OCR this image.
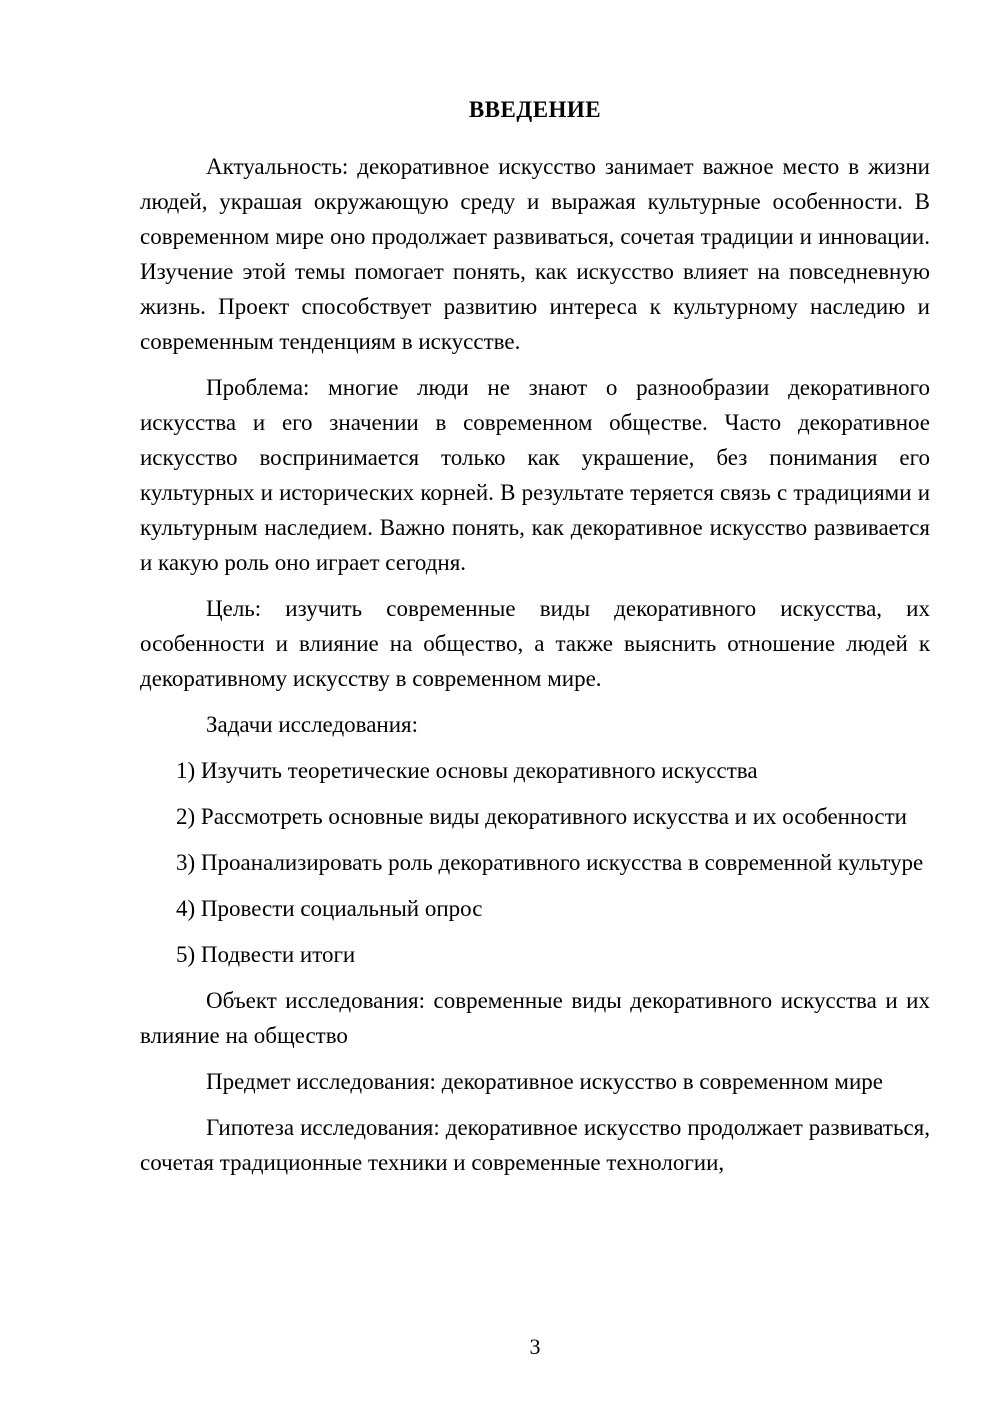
ВВЕДЕНИЕ

Актуальность: декоративное искусство занимает важное место в жизни людей, украшая окружающую среду и выражая культурные особенности. В современном мире оно продолжает развиваться, сочетая традиции и инновации. Изучение этой темы помогает понять, как искусство влияет на повседневную жизнь. Проект способствует развитию интереса к культурному наследию и современным тенденциям в искусстве.

Проблема: многие люди не знают о разнообразии декоративного искусства и его значении в современном обществе. Часто декоративное искусство воспринимается только как украшение, без понимания его культурных и исторических корней. В результате теряется связь с традициями и культурным наследием. Важно понять, как декоративное искусство развивается и какую роль оно играет сегодня.

Цель: изучить современные виды декоративного искусства, их особенности и влияние на общество, а также выяснить отношение людей к декоративному искусству в современном мире.

Задачи исследования:

1) Изучить теоретические основы декоративного искусства

2) Рассмотреть основные виды декоративного искусства и их особенности

3) Проанализировать роль декоративного искусства в современной культуре

4) Провести социальный опрос

5) Подвести итоги

Объект исследования: современные виды декоративного искусства и их влияние на общество

Предмет исследования: декоративное искусство в современном мире

Гипотеза исследования: декоративное искусство продолжает развиваться, сочетая традиционные техники и современные технологии,

3
